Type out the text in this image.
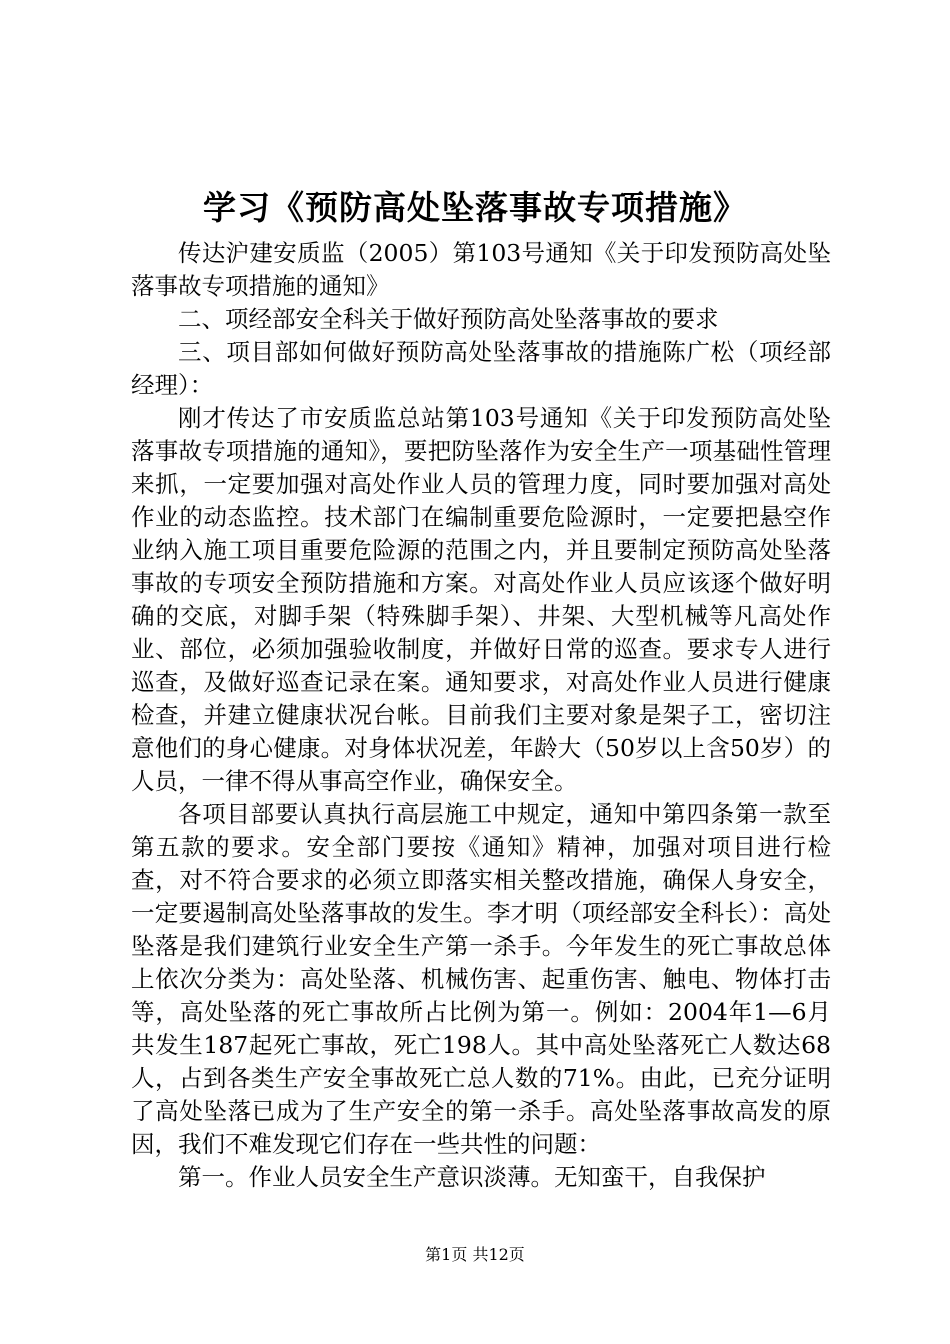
学习《预防高处坠落事故专项措施》

传达沪建安质监（2005）第103号通知《关于印发预防高处坠落事故专项措施的通知》

二、项经部安全科关于做好预防高处坠落事故的要求

三、项目部如何做好预防高处坠落事故的措施陈广松（项经部经理）：

刚才传达了市安质监总站第103号通知《关于印发预防高处坠落事故专项措施的通知》，要把防坠落作为安全生产一项基础性管理来抓，一定要加强对高处作业人员的管理力度，同时要加强对高处作业的动态监控。技术部门在编制重要危险源时，一定要把悬空作业纳入施工项目重要危险源的范围之内，并且要制定预防高处坠落事故的专项安全预防措施和方案。对高处作业人员应该逐个做好明确的交底，对脚手架（特殊脚手架）、井架、大型机械等凡高处作业、部位，必须加强验收制度，并做好日常的巡查。要求专人进行巡查，及做好巡查记录在案。通知要求，对高处作业人员进行健康检查，并建立健康状况台帐。目前我们主要对象是架子工，密切注意他们的身心健康。对身体状况差，年龄大（50岁以上含50岁）的人员，一律不得从事高空作业，确保安全。

各项目部要认真执行高层施工中规定，通知中第四条第一款至第五款的要求。安全部门要按《通知》精神，加强对项目进行检查，对不符合要求的必须立即落实相关整改措施，确保人身安全，一定要遏制高处坠落事故的发生。李才明（项经部安全科长）：高处坠落是我们建筑行业安全生产第一杀手。今年发生的死亡事故总体上依次分类为：高处坠落、机械伤害、起重伤害、触电、物体打击等，高处坠落的死亡事故所占比例为第一。例如：2004年1—6月共发生187起死亡事故，死亡198人。其中高处坠落死亡人数达68人，占到各类生产安全事故死亡总人数的71%。由此，已充分证明了高处坠落已成为了生产安全的第一杀手。高处坠落事故高发的原因，我们不难发现它们存在一些共性的问题：

第一。作业人员安全生产意识淡薄。无知蛮干，自我保护

第1页 共12页
